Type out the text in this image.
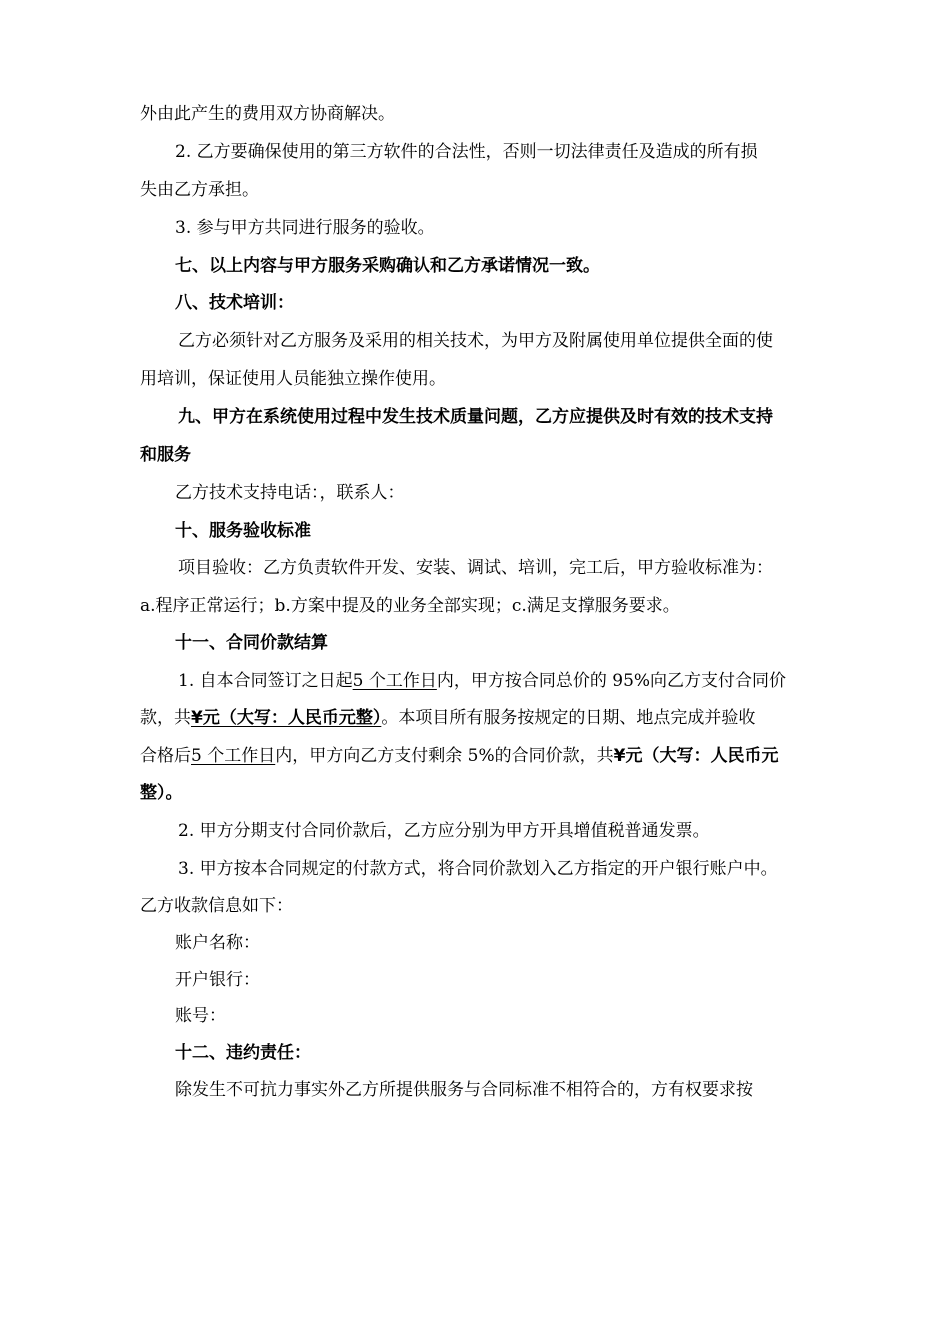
外由此产生的费用双方协商解决。
2. 乙方要确保使用的第三方软件的合法性，否则一切法律责任及造成的所有损
失由乙方承担。
3. 参与甲方共同进行服务的验收。
七、以上内容与甲方服务采购确认和乙方承诺情况一致。
八、技术培训：
乙方必须针对乙方服务及采用的相关技术，为甲方及附属使用单位提供全面的使
用培训，保证使用人员能独立操作使用。
九、甲方在系统使用过程中发生技术质量问题，乙方应提供及时有效的技术支持
和服务
乙方技术支持电话：，联系人：
十、服务验收标准
项目验收：乙方负责软件开发、安装、调试、培训，完工后，甲方验收标准为：
a.程序正常运行；b.方案中提及的业务全部实现；c.满足支撑服务要求。
十一、合同价款结算
1. 自本合同签订之日起5 个工作日内，甲方按合同总价的 95%向乙方支付合同价
款，共¥元（大写：人民币元整）。本项目所有服务按规定的日期、地点完成并验收
合格后5 个工作日内，甲方向乙方支付剩余 5%的合同价款，共¥元（大写：人民币元
整）。
2. 甲方分期支付合同价款后，乙方应分别为甲方开具增值税普通发票。
3. 甲方按本合同规定的付款方式，将合同价款划入乙方指定的开户银行账户中。
乙方收款信息如下：
账户名称：
开户银行：
账号：
十二、违约责任：
除发生不可抗力事实外乙方所提供服务与合同标准不相符合的，方有权要求按
